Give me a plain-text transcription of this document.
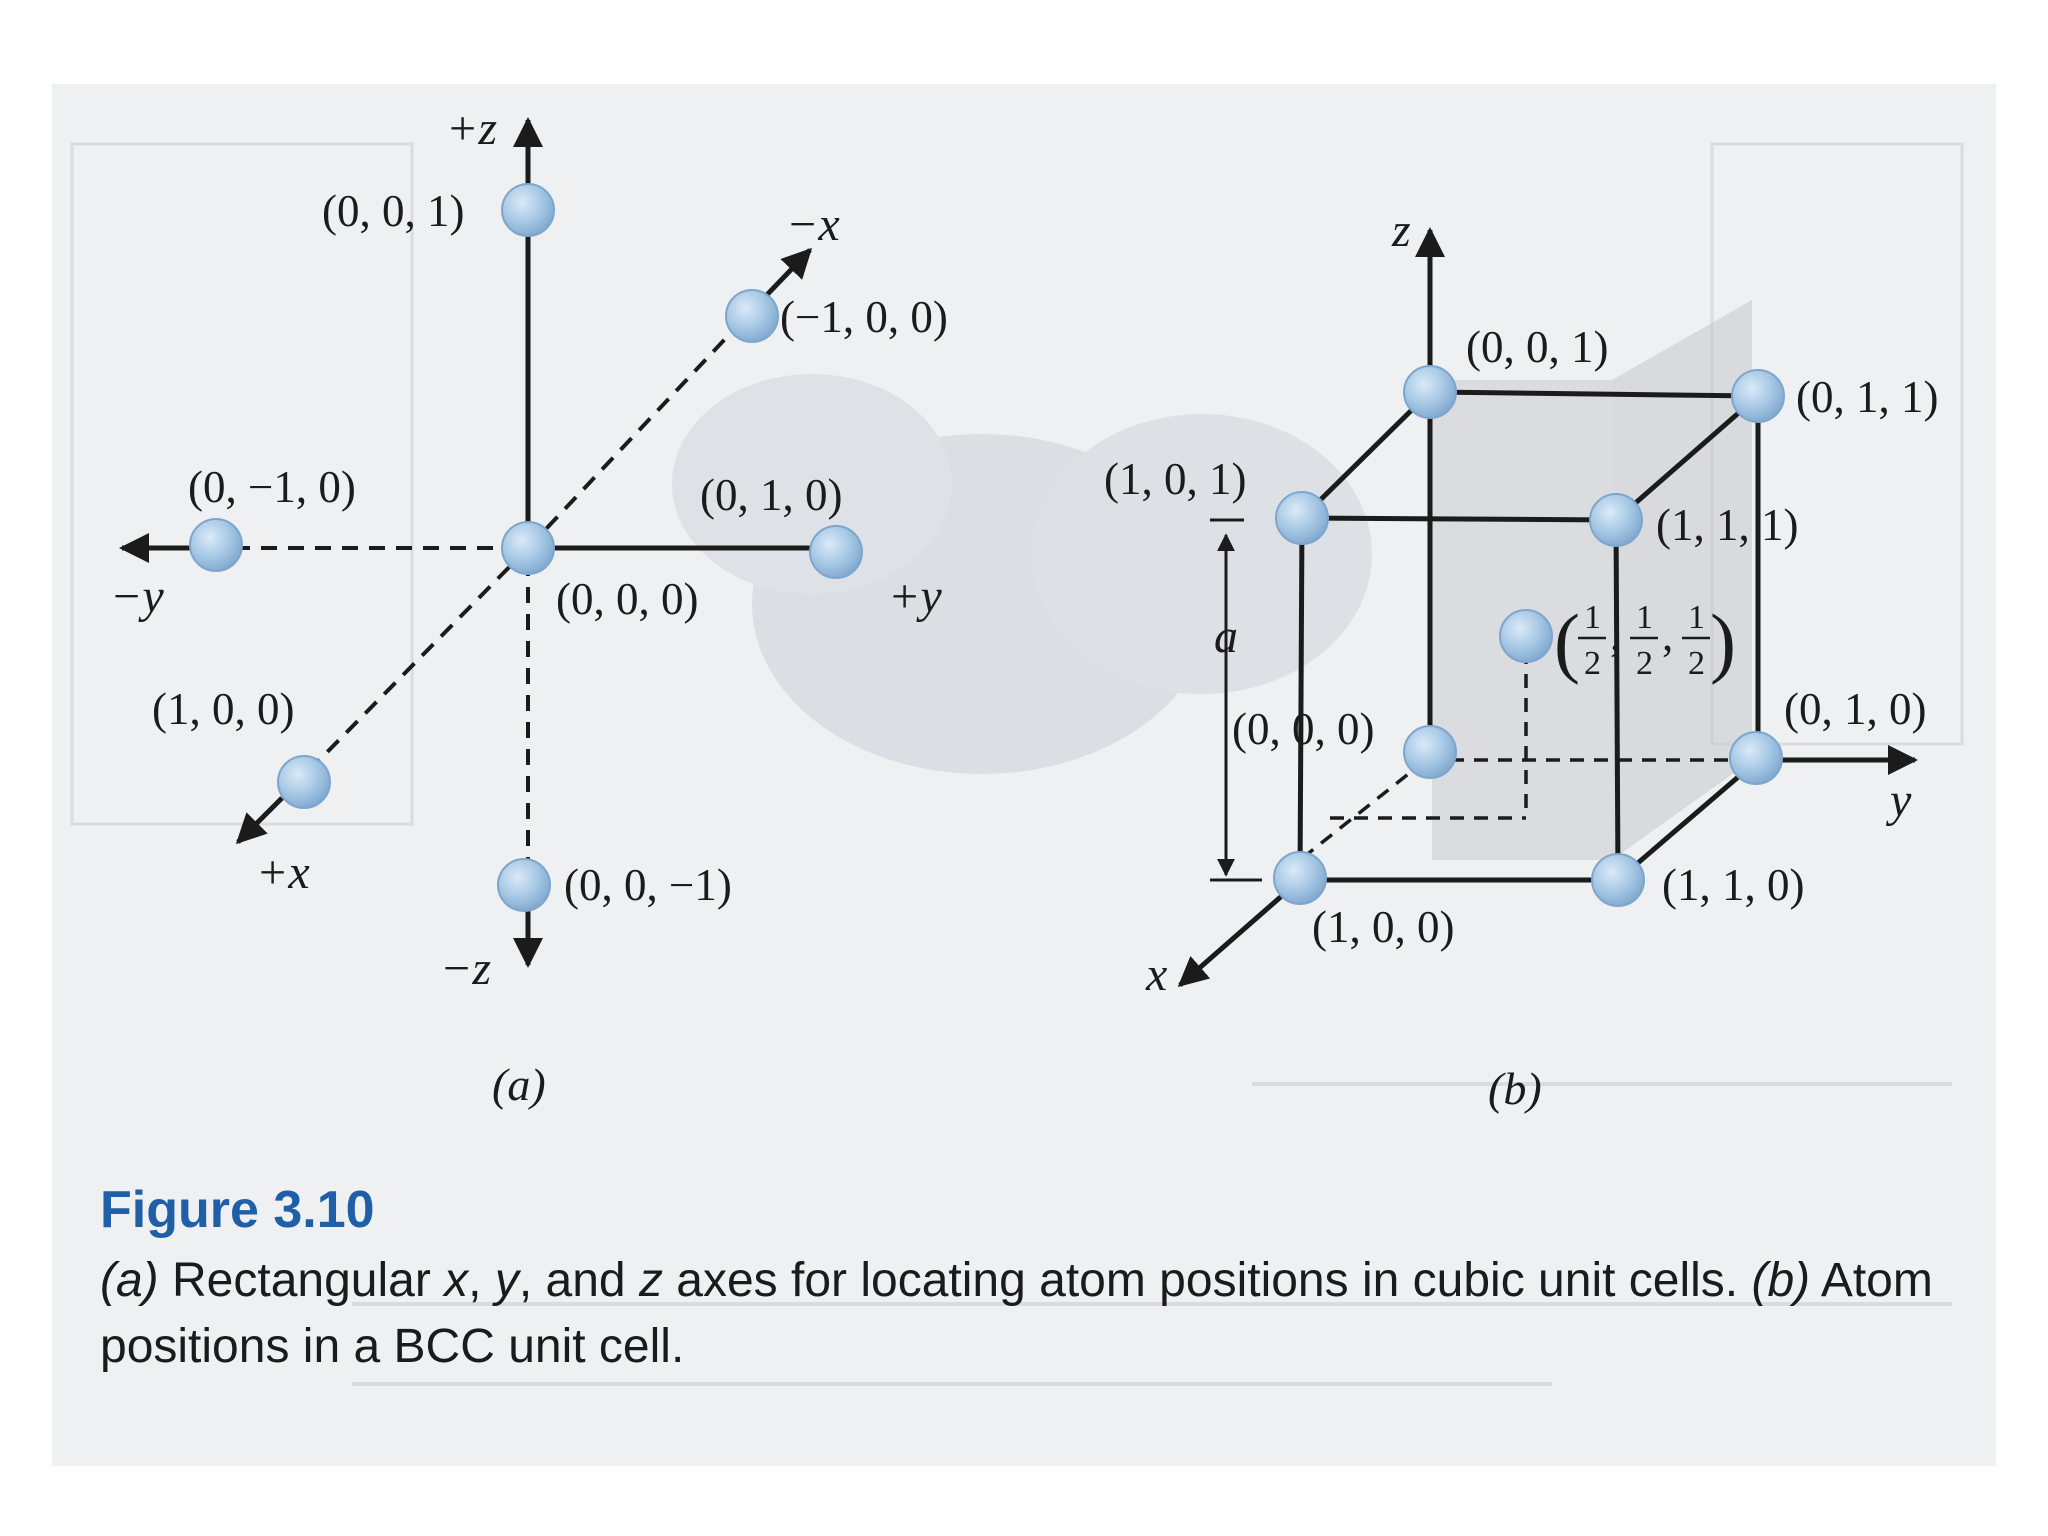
+z
−z
−x
+x
−y	+y
(0, 0, 1)
(−1, 0, 0)
(0, −1, 0)	(0, 1, 0)
(0, 0, 0)
(1, 0, 0)
(0, 0, −1)
(a)
z
y
x
a
(0, 0, 1)
(0, 1, 1)
(1, 0, 1)
(1, 1, 1)
(0, 0, 0)	(0, 1, 0)
(1, 0, 0)
(1, 1, 0)
( 1
2
, 1
2
, 1
2 )
(b)
Figure 3.10
(a) Rectangular x, y, and z axes for locating atom positions in cubic unit cells. (b) Atom positions in a BCC unit cell.
